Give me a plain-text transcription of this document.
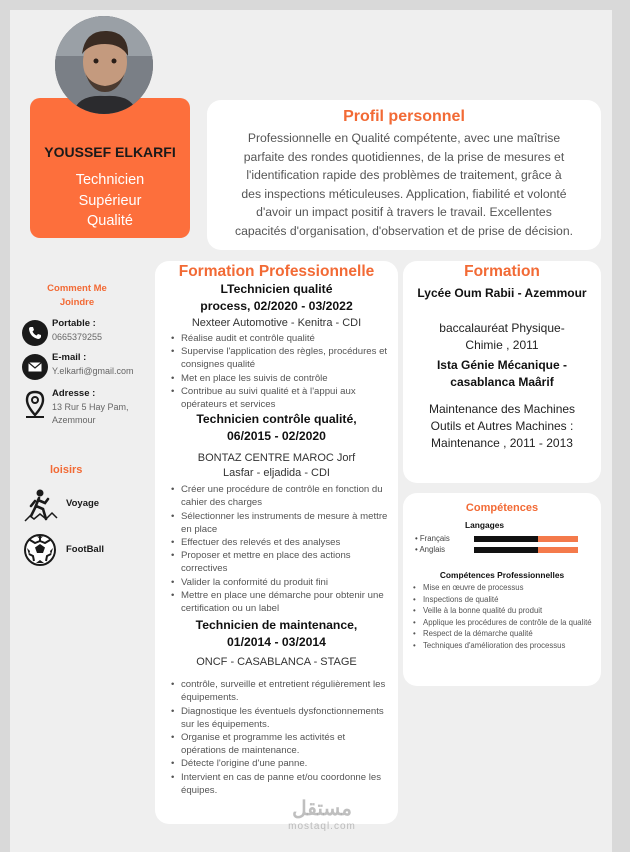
YOUSSEF ELKARFI
Technicien
Supérieur
Qualité
Profil personnel

Professionnelle en Qualité compétente, avec une maîtrise
parfaite des rondes quotidiennes, de la prise de mesures et
l'identification rapide des problèmes de traitement, grâce à
des inspections méticuleuses. Application, fiabilité et volonté
d'avoir un impact positif à travers le travail. Excellentes
capacités d'organisation, d'observation et de prise de décision.

Comment Me
Joindre
Portable :
0665379255
E-mail :
Y.elkarfi@gmail.com
Adresse :
13 Rur 5 Hay Pam,
Azemmour
loisirs
Voyage
FootBall
Formation Professionnelle
LTechnicien qualité
process, 02/2020 - 03/2022
Nexteer Automotive - Kenitra - CDI
• Réalise audit et contrôle qualité
• Supervise l'application des règles, procédures et consignes qualité
• Met en place les suivis de contrôle
• Contribue au suivi qualité et à l'appui aux opérateurs et services
Technicien contrôle qualité,
06/2015 - 02/2020
BONTAZ CENTRE MAROC Jorf
Lasfar - eljadida - CDI
• Créer une procédure de contrôle en fonction du cahier des charges
• Sélectionner les instruments de mesure à mettre en place
• Effectuer des relevés et des analyses
• Proposer et mettre en place des actions correctives
• Valider la conformité du produit fini
• Mettre en place une démarche pour obtenir une certification ou un label
Technicien de maintenance,
01/2014 - 03/2014
ONCF - CASABLANCA - STAGE
• contrôle, surveille et entretient régulièrement les équipements.
• Diagnostique les éventuels dysfonctionnements sur les équipements.
• Organise et programme les activités et opérations de maintenance.
• Détecte l'origine d'une panne.
• Intervient en cas de panne et/ou coordonne les équipes.
Formation
Lycée Oum Rabii - Azemmour
baccalauréat Physique-
Chimie , 2011
Ista Génie Mécanique -
casablanca Maârif
Maintenance des Machines
Outils et Autres Machines :
Maintenance , 2011 - 2013
Compétences
Langages
• Français
• Anglais
Compétences Professionnelles
• Mise en œuvre de processus
• Inspections de qualité
• Veille à la bonne qualité du produit
• Applique les procédures de contrôle de la qualité
• Respect de la démarche qualité
• Techniques d'amélioration des processus
مستقل
mostaql.com
